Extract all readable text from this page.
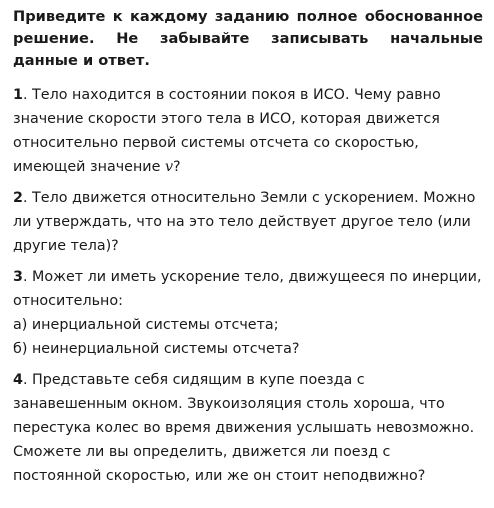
Приведите к каждому заданию полное обоснованное решение. Не забывайте записывать начальные данные и ответ.

1. Тело находится в состоянии покоя в ИСО. Чему равно значение скорости этого тела в ИСО, которая движется относительно первой системы отсчета со скоростью, имеющей значение v?

2. Тело движется относительно Земли с ускорением. Можно ли утверждать, что на это тело действует другое тело (или другие тела)?

3. Может ли иметь ускорение тело, движущееся по инерции, относительно:
а) инерциальной системы отсчета;
б) неинерциальной системы отсчета?

4. Представьте себя сидящим в купе поезда с занавешенным окном. Звукоизоляция столь хороша, что перестука колес во время движения услышать невозможно. Сможете ли вы определить, движется ли поезд с постоянной скоростью, или же он стоит неподвижно?
